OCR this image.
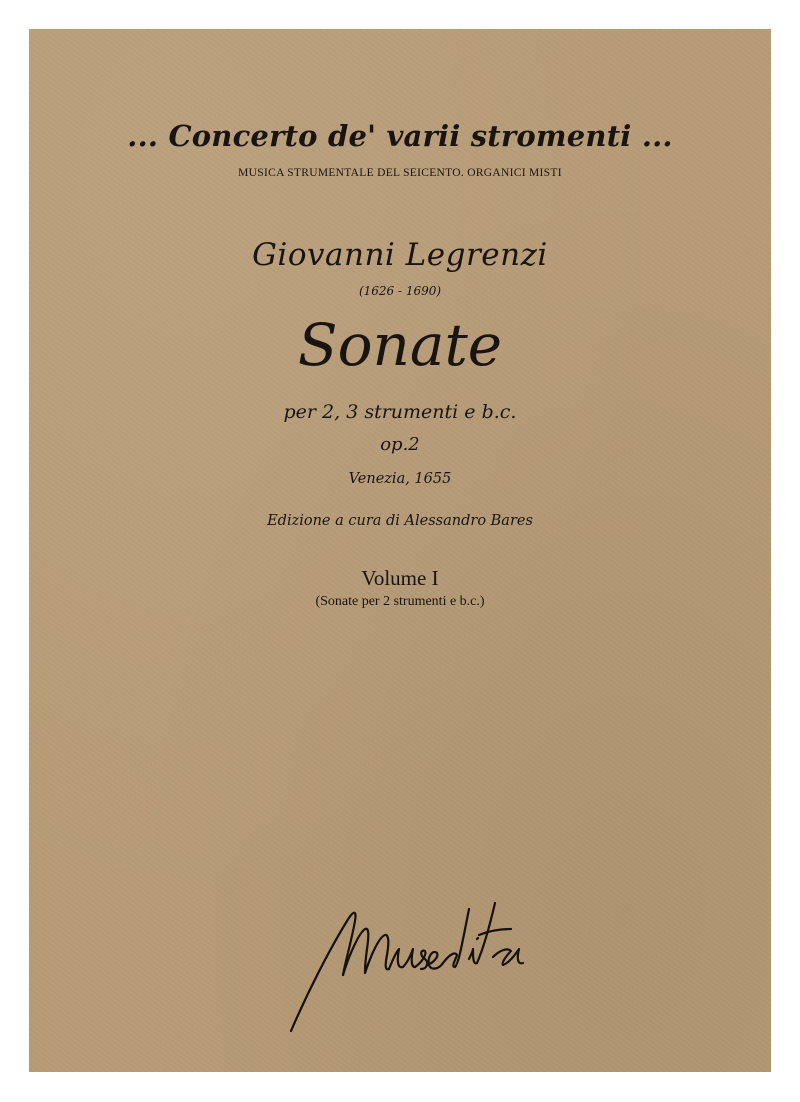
... Concerto de' varii stromenti ...
MUSICA STRUMENTALE DEL SEICENTO. ORGANICI MISTI
Giovanni Legrenzi
(1626 - 1690)
Sonate
per 2, 3 strumenti e b.c.
op.2
Venezia, 1655
Edizione a cura di Alessandro Bares
Volume I
(Sonate per 2 strumenti e b.c.)
